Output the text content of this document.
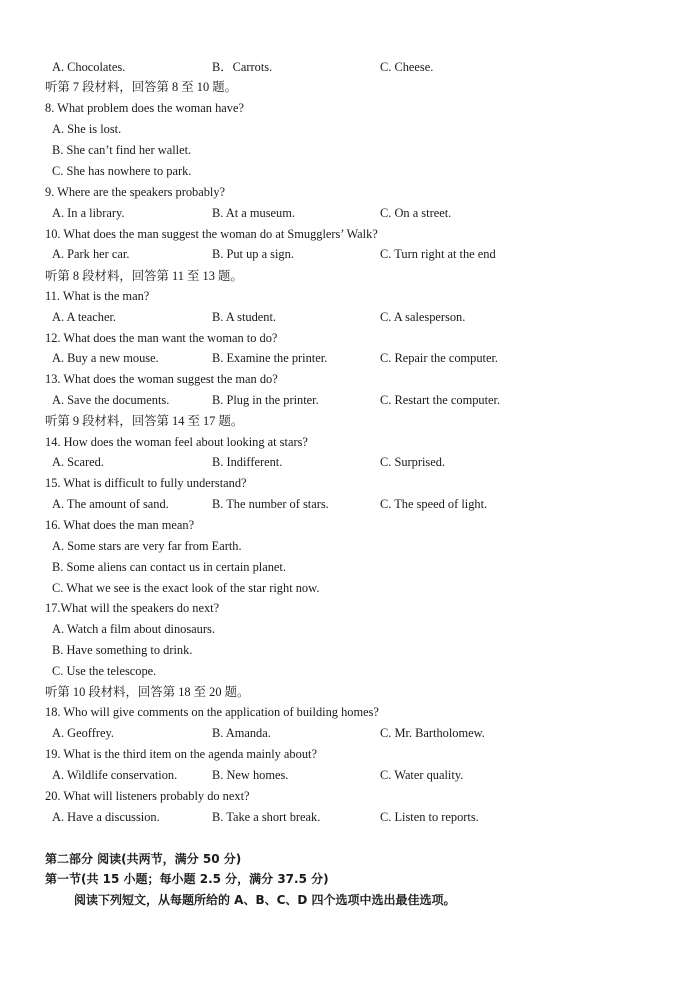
A. Chocolates.	B．Carrots.	C. Cheese.
听第 7 段材料，回答第 8 至 10 题。
8. What problem does the woman have?
A. She is lost.
B. She can’t find her wallet.
C. She has nowhere to park.
9. Where are the speakers probably?
A. In a library.	B. At a museum.	C. On a street.
10. What does the man suggest the woman do at Smugglers’ Walk?
A. Park her car.	B. Put up a sign.	C. Turn right at the end
听第 8 段材料，回答第 11 至 13 题。
11. What is the man?
A. A teacher.	B. A student.	C. A salesperson.
12. What does the man want the woman to do?
A. Buy a new mouse.	B. Examine the printer.	C. Repair the computer.
13. What does the woman suggest the man do?
A. Save the documents.	B. Plug in the printer.	C. Restart the computer.
听第 9 段材料，回答第 14 至 17 题。
14. How does the woman feel about looking at stars?
A. Scared.	B. Indifferent.	C. Surprised.
15. What is difficult to fully understand?
A. The amount of sand.	B. The number of stars.	C. The speed of light.
16. What does the man mean?
A. Some stars are very far from Earth.
B. Some aliens can contact us in certain planet.
C. What we see is the exact look of the star right now.
17.What will the speakers do next?
A. Watch a film about dinosaurs.
B. Have something to drink.
C. Use the telescope.
听第 10 段材料，回答第 18 至 20 题。
18. Who will give comments on the application of building homes?
A. Geoffrey.	B. Amanda.	C. Mr. Bartholomew.
19. What is the third item on the agenda mainly about?
A. Wildlife conservation.	B. New homes.	C. Water quality.
20. What will listeners probably do next?
A. Have a discussion.	B. Take a short break.	C. Listen to reports.
第二部分 阅读(共两节，满分 50 分)
第一节(共 15 小题；每小题 2.5 分，满分 37.5 分)
阅读下列短文，从每题所给的 A、B、C、D 四个选项中选出最佳选项。
